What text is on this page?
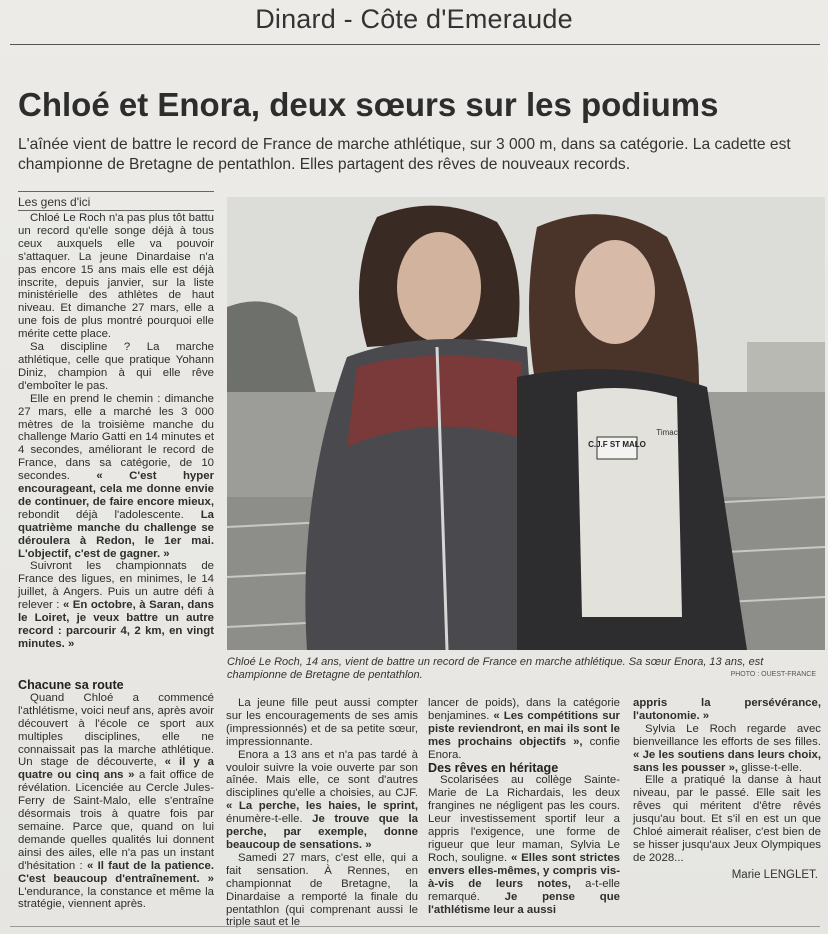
Dinard - Côte d'Emeraude
Chloé et Enora, deux sœurs sur les podiums
L'aînée vient de battre le record de France de marche athlétique, sur 3 000 m, dans sa catégorie. La cadette est championne de Bretagne de pentathlon. Elles partagent des rêves de nouveaux records.
Les gens d'ici

Chloé Le Roch n'a pas plus tôt battu un record qu'elle songe déjà à tous ceux auxquels elle va pouvoir s'attaquer. La jeune Dinardaise n'a pas encore 15 ans mais elle est déjà inscrite, depuis janvier, sur la liste ministérielle des athlètes de haut niveau. Et dimanche 27 mars, elle a une fois de plus montré pourquoi elle mérite cette place.

Sa discipline ? La marche athlétique, celle que pratique Yohann Diniz, champion à qui elle rêve d'emboîter le pas.

Elle en prend le chemin : dimanche 27 mars, elle a marché les 3 000 mètres de la troisième manche du challenge Mario Gatti en 14 minutes et 4 secondes, améliorant le record de France, dans sa catégorie, de 10 secondes. « C'est hyper encourageant, cela me donne envie de continuer, de faire encore mieux, rebondit déjà l'adolescente. La quatrième manche du challenge se déroulera à Redon, le 1er mai. L'objectif, c'est de gagner. »

Suivront les championnats de France des ligues, en minimes, le 14 juillet, à Angers. Puis un autre défi à relever : « En octobre, à Saran, dans le Loiret, je veux battre un autre record : parcourir 4, 2 km, en vingt minutes. »

Chacune sa route

Quand Chloé a commencé l'athlétisme, voici neuf ans, après avoir découvert à l'école ce sport aux multiples disciplines, elle ne connaissait pas la marche athlétique. Un stage de découverte, « il y a quatre ou cinq ans » a fait office de révélation. Licenciée au Cercle Jules-Ferry de Saint-Malo, elle s'entraîne désormais trois à quatre fois par semaine. Parce que, quand on lui demande quelles qualités lui donnent ainsi des ailes, elle n'a pas un instant d'hésitation : « Il faut de la patience. C'est beaucoup d'entraînement. » L'endurance, la constance et même la stratégie, viennent après.

C.J.F ST MALO
Timac
Chloé Le Roch, 14 ans, vient de battre un record de France en marche athlétique. Sa sœur Enora, 13 ans, est championne de Bretagne de pentathlon.	PHOTO : OUEST-FRANCE

La jeune fille peut aussi compter sur les encouragements de ses amis (impressionnés) et de sa petite sœur, impressionnante.

Enora a 13 ans et n'a pas tardé à vouloir suivre la voie ouverte par son aînée. Mais elle, ce sont d'autres disciplines qu'elle a choisies, au CJF. « La perche, les haies, le sprint, énumère-t-elle. Je trouve que la perche, par exemple, donne beaucoup de sensations. »

Samedi 27 mars, c'est elle, qui a fait sensation. À Rennes, en championnat de Bretagne, la Dinardaise a remporté la finale du pentathlon (qui comprenant aussi le triple saut et le

lancer de poids), dans la catégorie benjamines. « Les compétitions sur piste reviendront, en mai ils sont le mes prochains objectifs », confie Enora.

Des rêves en héritage

Scolarisées au collège Sainte-Marie de La Richardais, les deux frangines ne négligent pas les cours. Leur investissement sportif leur a appris l'exigence, une forme de rigueur que leur maman, Sylvia Le Roch, souligne. « Elles sont strictes envers elles-mêmes, y compris vis-à-vis de leurs notes, a-t-elle remarqué. Je pense que l'athlétisme leur a aussi

appris la persévérance, l'autonomie. »

Sylvia Le Roch regarde avec bienveillance les efforts de ses filles. « Je les soutiens dans leurs choix, sans les pousser », glisse-t-elle.

Elle a pratiqué la danse à haut niveau, par le passé. Elle sait les rêves qui méritent d'être rêvés jusqu'au bout. Et s'il en est un que Chloé aimerait réaliser, c'est bien de se hisser jusqu'aux Jeux Olympiques de 2028...

Marie LENGLET.
